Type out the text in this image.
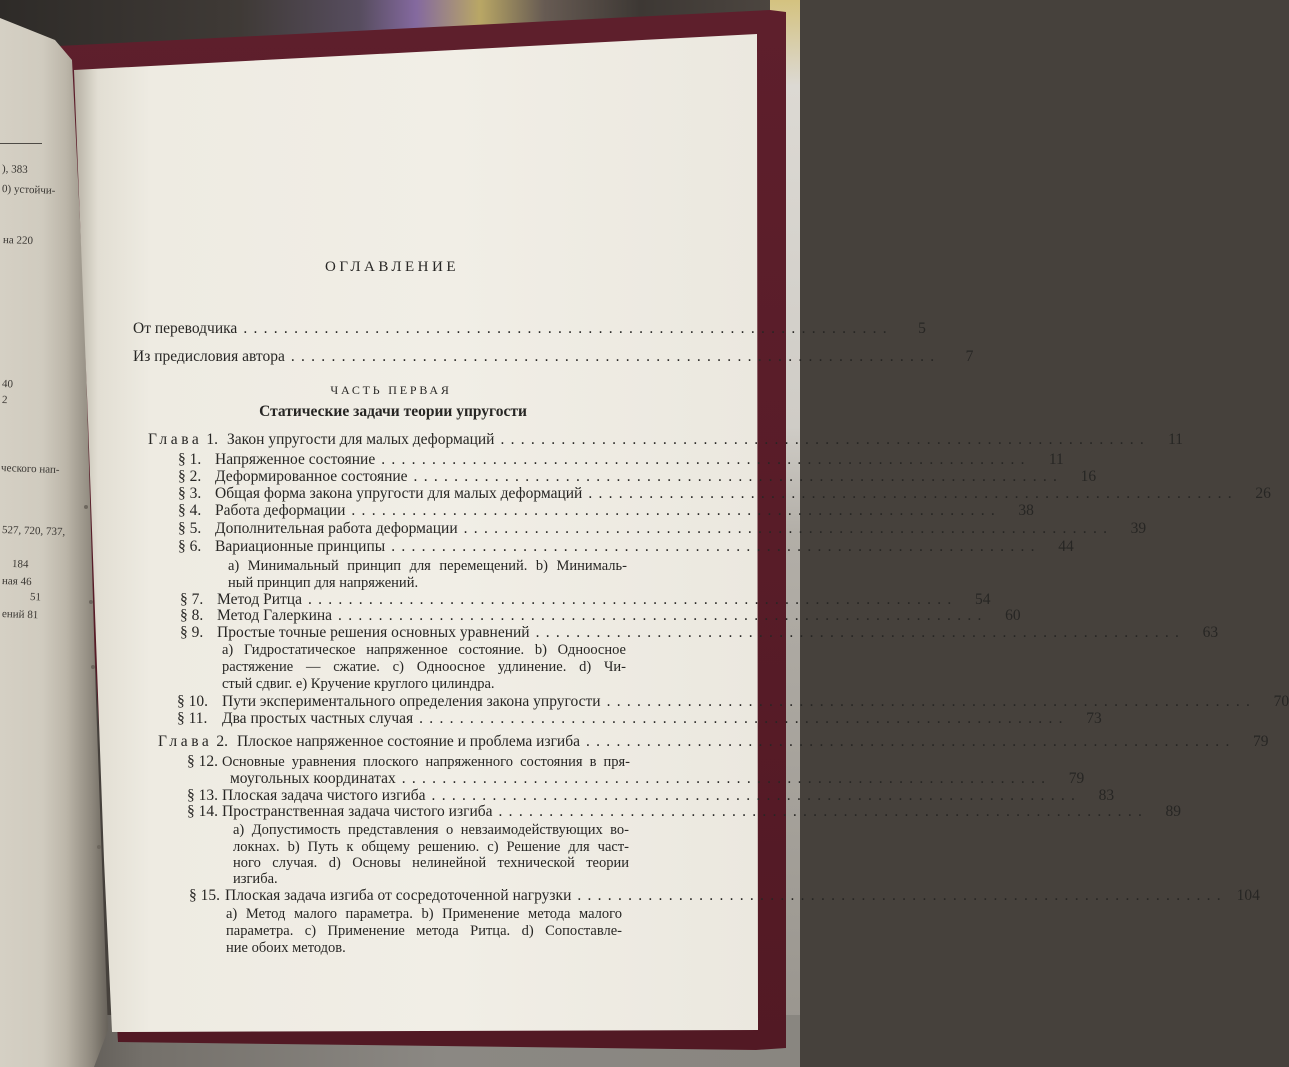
), 383
0) устойчи-
на 220
40
2
ческого нап-
527, 720, 737,
184
ная 46
51
ений 81
ОГЛАВЛЕНИЕ
От переводчика . . .	5
Из предисловия автора . . .	7
ЧАСТЬ ПЕРВАЯ
Статические задачи теории упругости
Глава 1. Закон упругости для малых деформаций . . .	11
§ 1. Напряженное состояние . . .	11
§ 2. Деформированное состояние . . .	16
§ 3. Общая форма закона упругости для малых деформаций . . .	26
§ 4. Работа деформации . . .	38
§ 5. Дополнительная работа деформации . . .	39
§ 6. Вариационные принципы . . .	44
a) Минимальный принцип для перемещений. b) Минималь-
ный принцип для напряжений.
§ 7. Метод Ритца . . .	54
§ 8. Метод Галеркина . . .	60
§ 9. Простые точные решения основных уравнений . . .	63
a) Гидростатическое напряженное состояние. b) Одноосное
растяжение — сжатие. c) Одноосное удлинение. d) Чи-
стый сдвиг. e) Кручение круглого цилиндра.
§ 10. Пути экспериментального определения закона упругости . . .	70
§ 11. Два простых частных случая . . .	73
Глава 2. Плоское напряженное состояние и проблема изгиба . . .	79
§ 12. Основные уравнения плоского напряженного состояния в пря-
моугольных координатах . . .	79
§ 13. Плоская задача чистого изгиба . . .	83
§ 14. Пространственная задача чистого изгиба . . .	89
a) Допустимость представления о невзаимодействующих во-
локнах. b) Путь к общему решению. c) Решение для част-
ного случая. d) Основы нелинейной технической теории
изгиба.
§ 15. Плоская задача изгиба от сосредоточенной нагрузки . . .	104
a) Метод малого параметра. b) Применение метода малого
параметра. c) Применение метода Ритца. d) Сопоставле-
ние обоих методов.
